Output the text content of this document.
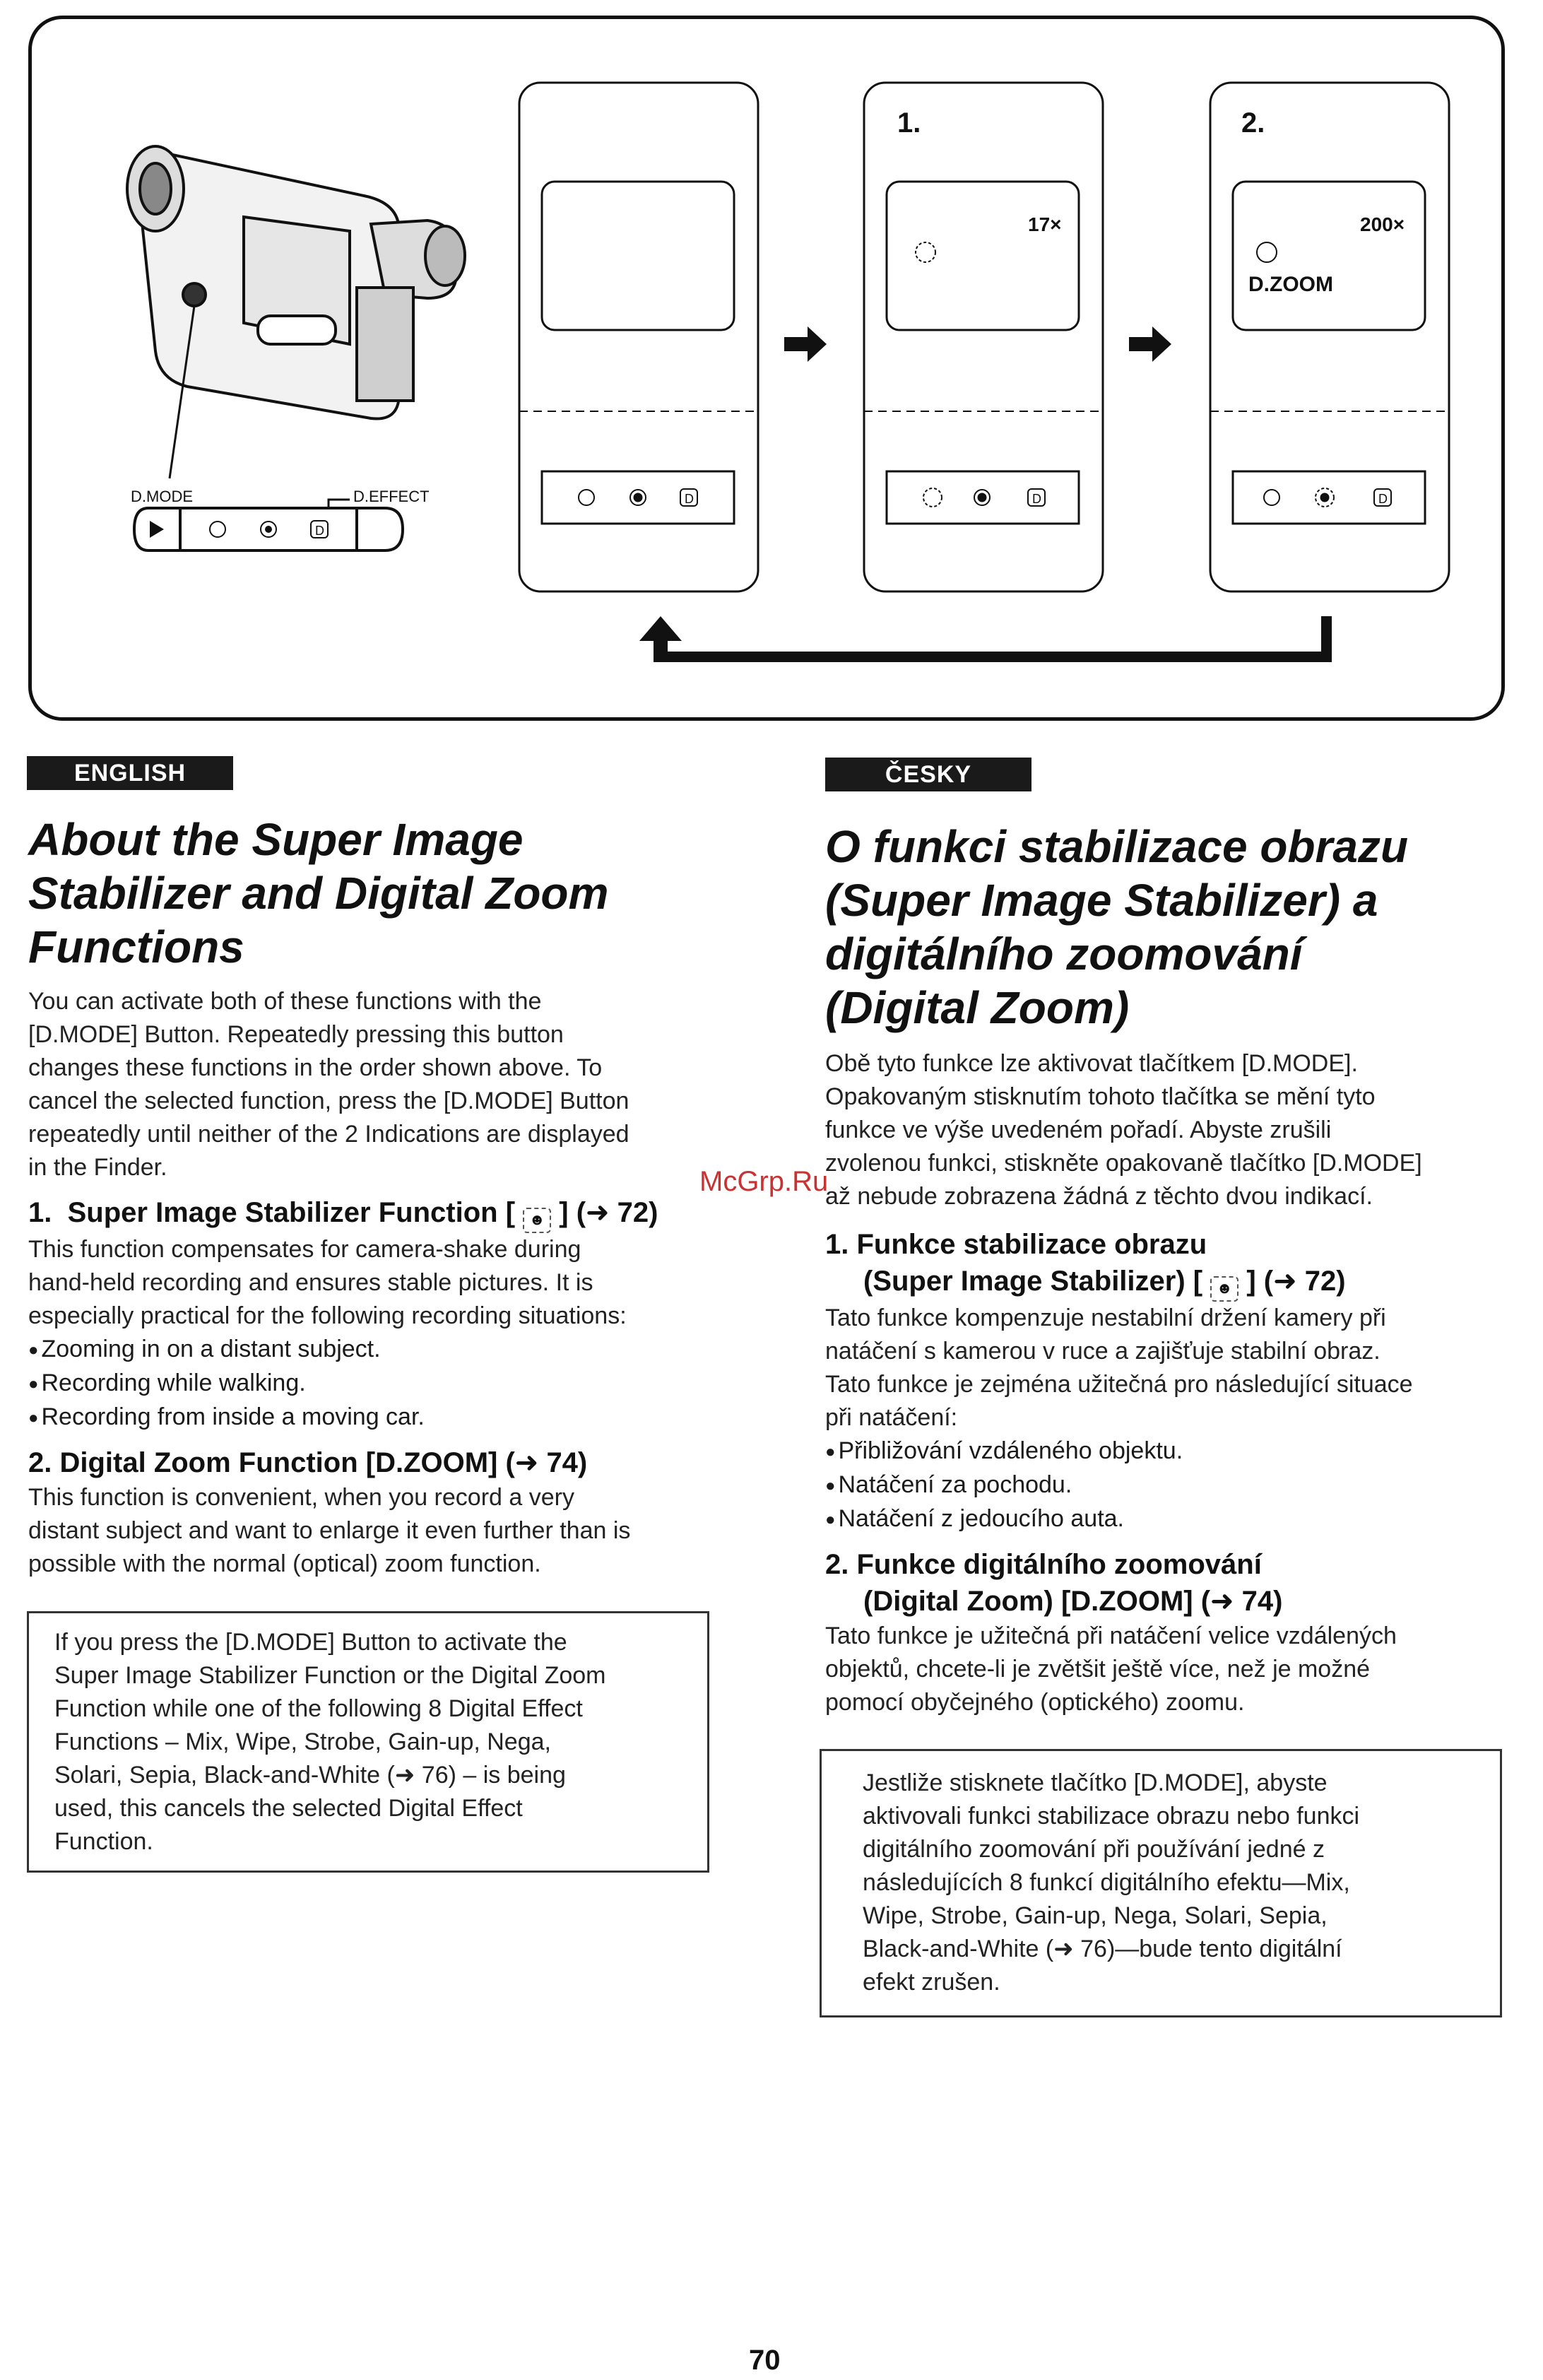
D.MODE	D.EFFECT
D
D
1.
17×
D
2.
200×
D.ZOOM
D
ENGLISH
About the Super Image
Stabilizer and Digital Zoom
Functions

You can activate both of these functions with the
[D.MODE] Button. Repeatedly pressing this button
changes these functions in the order shown above. To
cancel the selected function, press the [D.MODE] Button
repeatedly until neither of the 2 Indications are displayed
in the Finder.

1. Super Image Stabilizer Function [ ☻ ] (➜ 72)

This function compensates for camera-shake during
hand-held recording and ensures stable pictures. It is
especially practical for the following recording situations:

● Zooming in on a distant subject.
● Recording while walking.
● Recording from inside a moving car.
2. Digital Zoom Function [D.ZOOM] (➜ 74)

This function is convenient, when you record a very
distant subject and want to enlarge it even further than is
possible with the normal (optical) zoom function.

If you press the [D.MODE] Button to activate the
Super Image Stabilizer Function or the Digital Zoom
Function while one of the following 8 Digital Effect
Functions – Mix, Wipe, Strobe, Gain-up, Nega,
Solari, Sepia, Black-and-White (➜ 76) – is being
used, this cancels the selected Digital Effect
Function.
ČESKY
O funkci stabilizace obrazu
(Super Image Stabilizer) a
digitálního zoomování
(Digital Zoom)

Obě tyto funkce lze aktivovat tlačítkem [D.MODE].
Opakovaným stisknutím tohoto tlačítka se mění tyto
funkce ve výše uvedeném pořadí. Abyste zrušili
zvolenou funkci, stiskněte opakovaně tlačítko [D.MODE]
až nebude zobrazena žádná z těchto dvou indikací.

1. Funkce stabilizace obrazu
(Super Image Stabilizer) [ ☻ ] (➜ 72)

Tato funkce kompenzuje nestabilní držení kamery při
natáčení s kamerou v ruce a zajišťuje stabilní obraz.
Tato funkce je zejména užitečná pro následující situace
při natáčení:

● Přibližování vzdáleného objektu.
● Natáčení za pochodu.
● Natáčení z jedoucího auta.
2. Funkce digitálního zoomování
(Digital Zoom) [D.ZOOM] (➜ 74)

Tato funkce je užitečná při natáčení velice vzdálených
objektů, chcete-li je zvětšit ještě více, než je možné
pomocí obyčejného (optického) zoomu.

Jestliže stisknete tlačítko [D.MODE], abyste
aktivovali funkci stabilizace obrazu nebo funkci
digitálního zoomování při používání jedné z
následujících 8 funkcí digitálního efektu—Mix,
Wipe, Strobe, Gain-up, Nega, Solari, Sepia,
Black-and-White (➜ 76)—bude tento digitální
efekt zrušen.
McGrp.Ru
70
